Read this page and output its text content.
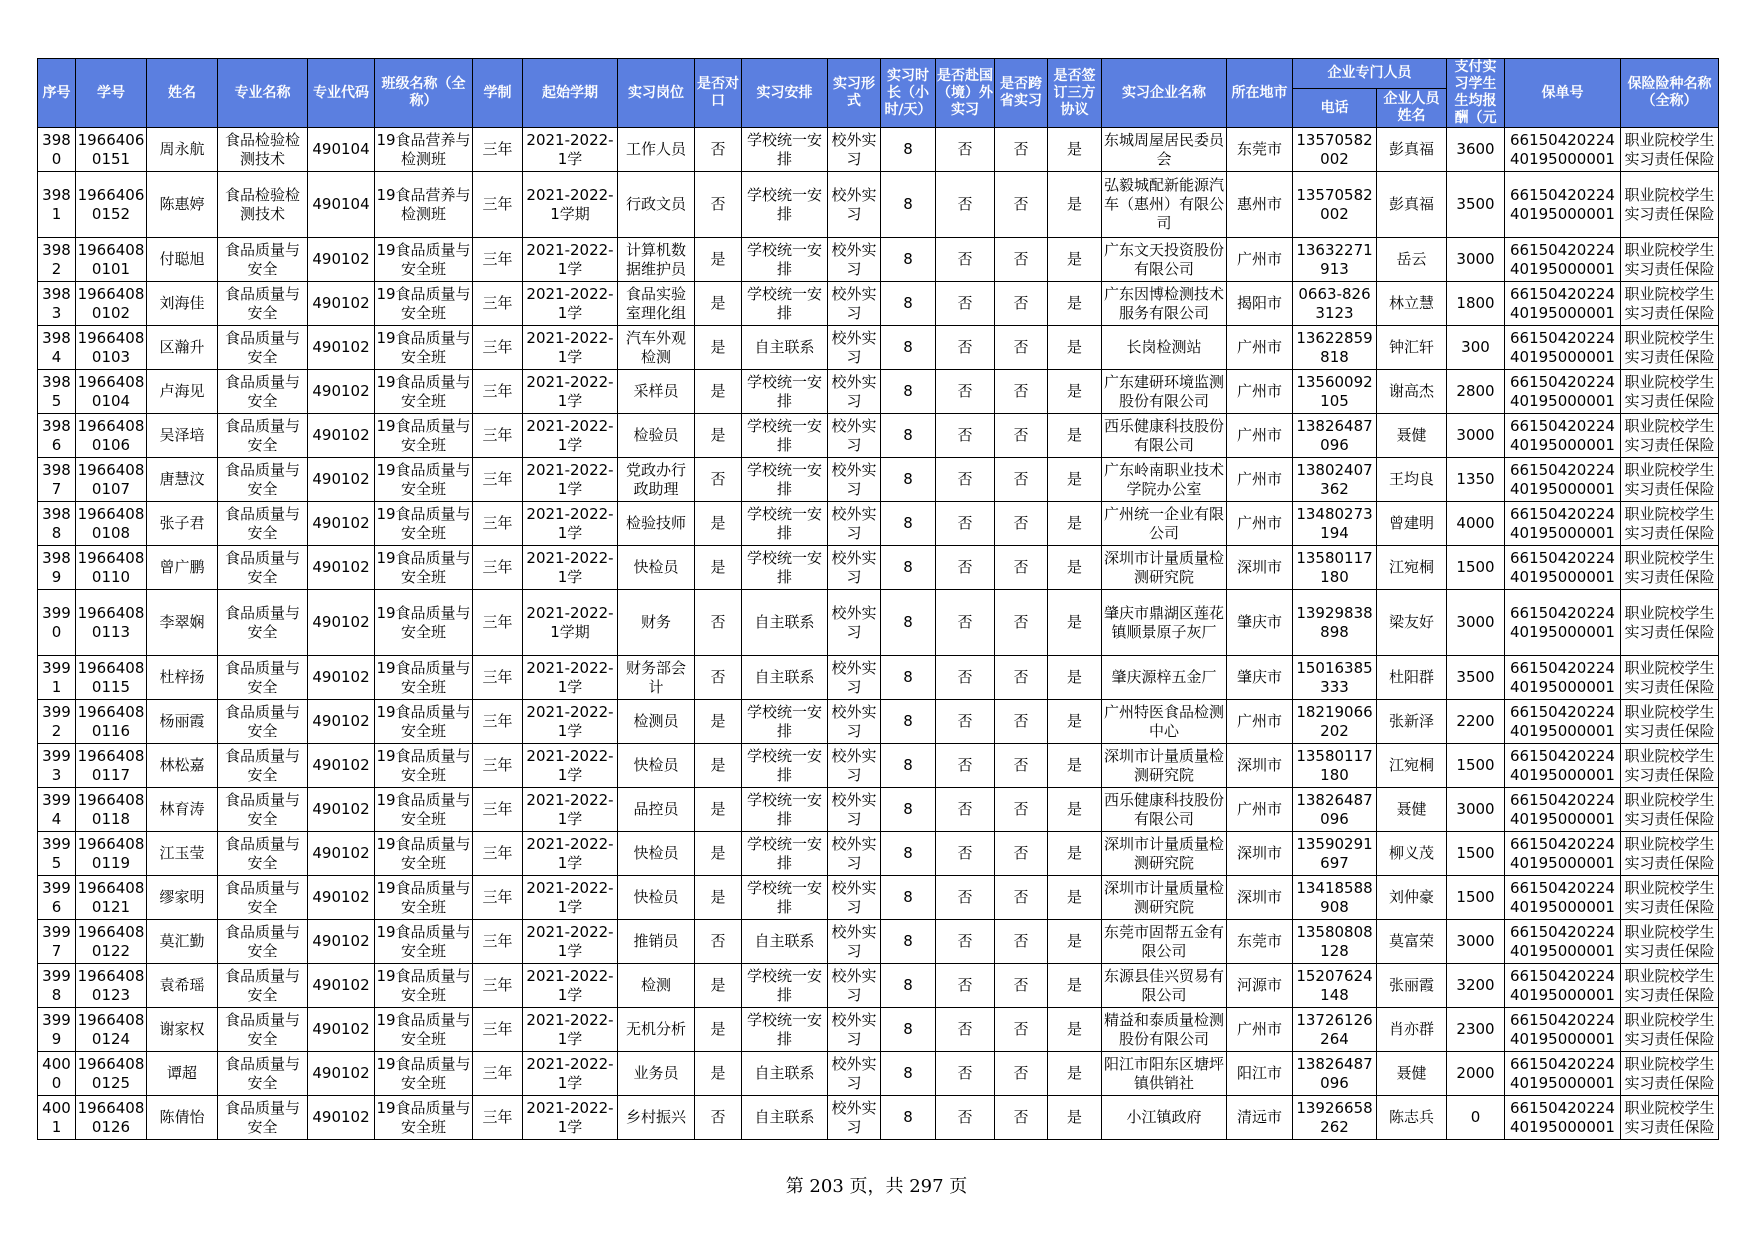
序号	学号	姓名	专业名称	专业代码	班级名称（全称）	学制	起始学期	实习岗位	是否对口	实习安排	实习形式	实习时长（小时/天）	是否赴国（境）外实习	是否跨省实习	是否签订三方协议	实习企业名称	所在地市	企业专门人员		支付实习学生生均报酬（元	保单号	保险险种名称（全称）
																		电话	企业人员姓名			

3980	1966406 0151	周永航	食品检验检测技术	490104	19食品营养与检测班	三年	2021-2022-1学	工作人员	否	学校统一安排	校外实习	8	否	否	是	东城周屋居民委员会	东莞市	13570582 002	彭真福	3600	66150420224 40195000001	职业院校学生实习责任保险

3981	1966406 0152	陈惠婷	食品检验检测技术	490104	19食品营养与检测班	三年	2021-2022-1学期	行政文员	否	学校统一安排	校外实习	8	否	否	是	弘毅城配新能源汽车（惠州）有限公司	惠州市	13570582 002	彭真福	3500	66150420224 40195000001	职业院校学生实习责任保险

3982	1966408 0101	付聪旭	食品质量与安全	490102	19食品质量与安全班	三年	2021-2022-1学	计算机数据维护员	是	学校统一安排	校外实习	8	否	否	是	广东文天投资股份有限公司	广州市	13632271 913	岳云	3000	66150420224 40195000001	职业院校学生实习责任保险

3983	1966408 0102	刘海佳	食品质量与安全	490102	19食品质量与安全班	三年	2021-2022-1学	食品实验室理化组	是	学校统一安排	校外实习	8	否	否	是	广东因博检测技术服务有限公司	揭阳市	0663-8263123	林立慧	1800	66150420224 40195000001	职业院校学生实习责任保险

3984	1966408 0103	区瀚升	食品质量与安全	490102	19食品质量与安全班	三年	2021-2022-1学	汽车外观检测	是	自主联系	校外实习	8	否	否	是	长岗检测站	广州市	13622859 818	钟汇轩	300	66150420224 40195000001	职业院校学生实习责任保险

3985	1966408 0104	卢海见	食品质量与安全	490102	19食品质量与安全班	三年	2021-2022-1学	采样员	是	学校统一安排	校外实习	8	否	否	是	广东建研环境监测股份有限公司	广州市	13560092 105	谢高杰	2800	66150420224 40195000001	职业院校学生实习责任保险

3986	1966408 0106	吴泽培	食品质量与安全	490102	19食品质量与安全班	三年	2021-2022-1学	检验员	是	学校统一安排	校外实习	8	否	否	是	西乐健康科技股份有限公司	广州市	13826487 096	聂健	3000	66150420224 40195000001	职业院校学生实习责任保险

3987	1966408 0107	唐慧汶	食品质量与安全	490102	19食品质量与安全班	三年	2021-2022-1学	党政办行政助理	否	学校统一安排	校外实习	8	否	否	是	广东岭南职业技术学院办公室	广州市	13802407 362	王均良	1350	66150420224 40195000001	职业院校学生实习责任保险

3988	1966408 0108	张子君	食品质量与安全	490102	19食品质量与安全班	三年	2021-2022-1学	检验技师	是	学校统一安排	校外实习	8	否	否	是	广州统一企业有限公司	广州市	13480273 194	曾建明	4000	66150420224 40195000001	职业院校学生实习责任保险

3989	1966408 0110	曾广鹏	食品质量与安全	490102	19食品质量与安全班	三年	2021-2022-1学	快检员	是	学校统一安排	校外实习	8	否	否	是	深圳市计量质量检测研究院	深圳市	13580117 180	江宛桐	1500	66150420224 40195000001	职业院校学生实习责任保险

3990	1966408 0113	李翠娴	食品质量与安全	490102	19食品质量与安全班	三年	2021-2022-1学期	财务	否	自主联系	校外实习	8	否	否	是	肇庆市鼎湖区莲花镇顺景原子灰厂	肇庆市	13929838 898	梁友好	3000	66150420224 40195000001	职业院校学生实习责任保险

3991	1966408 0115	杜梓扬	食品质量与安全	490102	19食品质量与安全班	三年	2021-2022-1学	财务部会计	否	自主联系	校外实习	8	否	否	是	肇庆源梓五金厂	肇庆市	15016385 333	杜阳群	3500	66150420224 40195000001	职业院校学生实习责任保险

3992	1966408 0116	杨丽霞	食品质量与安全	490102	19食品质量与安全班	三年	2021-2022-1学	检测员	是	学校统一安排	校外实习	8	否	否	是	广州特医食品检测中心	广州市	18219066 202	张新泽	2200	66150420224 40195000001	职业院校学生实习责任保险

3993	1966408 0117	林松嘉	食品质量与安全	490102	19食品质量与安全班	三年	2021-2022-1学	快检员	是	学校统一安排	校外实习	8	否	否	是	深圳市计量质量检测研究院	深圳市	13580117 180	江宛桐	1500	66150420224 40195000001	职业院校学生实习责任保险

3994	1966408 0118	林育涛	食品质量与安全	490102	19食品质量与安全班	三年	2021-2022-1学	品控员	是	学校统一安排	校外实习	8	否	否	是	西乐健康科技股份有限公司	广州市	13826487 096	聂健	3000	66150420224 40195000001	职业院校学生实习责任保险

3995	1966408 0119	江玉莹	食品质量与安全	490102	19食品质量与安全班	三年	2021-2022-1学	快检员	是	学校统一安排	校外实习	8	否	否	是	深圳市计量质量检测研究院	深圳市	13590291 697	柳义茂	1500	66150420224 40195000001	职业院校学生实习责任保险

3996	1966408 0121	缪家明	食品质量与安全	490102	19食品质量与安全班	三年	2021-2022-1学	快检员	是	学校统一安排	校外实习	8	否	否	是	深圳市计量质量检测研究院	深圳市	13418588 908	刘仲豪	1500	66150420224 40195000001	职业院校学生实习责任保险

3997	1966408 0122	莫汇勤	食品质量与安全	490102	19食品质量与安全班	三年	2021-2022-1学	推销员	否	自主联系	校外实习	8	否	否	是	东莞市固帮五金有限公司	东莞市	13580808 128	莫富荣	3000	66150420224 40195000001	职业院校学生实习责任保险

3998	1966408 0123	袁希瑶	食品质量与安全	490102	19食品质量与安全班	三年	2021-2022-1学	检测	是	学校统一安排	校外实习	8	否	否	是	东源县佳兴贸易有限公司	河源市	15207624 148	张丽霞	3200	66150420224 40195000001	职业院校学生实习责任保险

3999	1966408 0124	谢家权	食品质量与安全	490102	19食品质量与安全班	三年	2021-2022-1学	无机分析	是	学校统一安排	校外实习	8	否	否	是	精益和泰质量检测股份有限公司	广州市	13726126 264	肖亦群	2300	66150420224 40195000001	职业院校学生实习责任保险

4000	1966408 0125	谭超	食品质量与安全	490102	19食品质量与安全班	三年	2021-2022-1学	业务员	是	自主联系	校外实习	8	否	否	是	阳江市阳东区塘坪镇供销社	阳江市	13826487 096	聂健	2000	66150420224 40195000001	职业院校学生实习责任保险

4001	1966408 0126	陈倩怡	食品质量与安全	490102	19食品质量与安全班	三年	2021-2022-1学	乡村振兴	否	自主联系	校外实习	8	否	否	是	小江镇政府	清远市	13926658 262	陈志兵	0	66150420224 40195000001	职业院校学生实习责任保险
第 203 页，共 297 页
